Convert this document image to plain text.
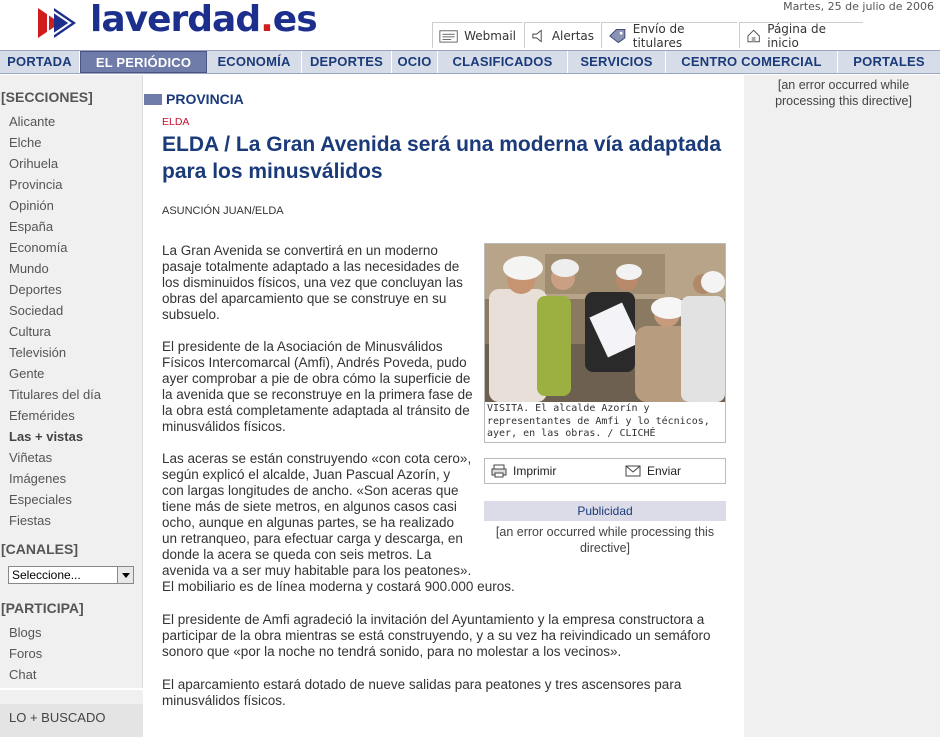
laverdad.es	Martes, 25 de julio de 2006
Webmail	Alertas	Envío de titulares
Página de inicio
PORTADA	EL PERIÓDICO	ECONOMÍA	DEPORTES	OCIO	CLASIFICADOS	SERVICIOS	CENTRO COMERCIAL	PORTALES
[SECCIONES]
Alicante
Elche
Orihuela
Provincia
Opinión
España
Economía
Mundo
Deportes
Sociedad
Cultura
Televisión
Gente
Titulares del día
Efemérides
Las + vistas
Viñetas
Imágenes
Especiales
Fiestas
[CANALES]
Seleccione...
[PARTICIPA]
Blogs
Foros
Chat
LO + BUSCADO
[an error occurred while processing this directive]
PROVINCIA
ELDA
ELDA / La Gran Avenida será una moderna vía adaptada para los minusválidos
ASUNCIÓN JUAN/ELDA
La Gran Avenida se convertirá en un moderno pasaje totalmente adaptado a las necesidades de los disminuidos físicos, una vez que concluyan las obras del aparcamiento que se construye en su subsuelo.
El presidente de la Asociación de Minusválidos Físicos Intercomarcal (Amfi), Andrés Poveda, pudo ayer comprobar a pie de obra cómo la superficie de la avenida que se reconstruye en la primera fase de la obra está completamente adaptada al tránsito de minusválidos físicos.
Las aceras se están construyendo «con cota cero», según explicó el alcalde, Juan Pascual Azorín, y con largas longitudes de ancho. «Son aceras que tiene más de siete metros, en algunos casos casi ocho, aunque en algunas partes, se ha realizado un retranqueo, para efectuar carga y descarga, en donde la acera se queda con seis metros. La avenida va a ser muy habitable para los peatones». El mobiliario es de línea moderna y costará 900.000 euros.
El presidente de Amfi agradeció la invitación del Ayuntamiento y la empresa constructora a participar de la obra mientras se está construyendo, y a su vez ha reivindicado un semáforo sonoro que «por la noche no tendrá sonido, para no molestar a los vecinos».
El aparcamiento estará dotado de nueve salidas para peatones y tres ascensores para minusválidos físicos.
VISITA. El alcalde Azorín y representantes de Amfi y lo técnicos, ayer, en las obras. / CLICHÉ
Imprimir	Enviar
Publicidad
[an error occurred while processing this directive]
